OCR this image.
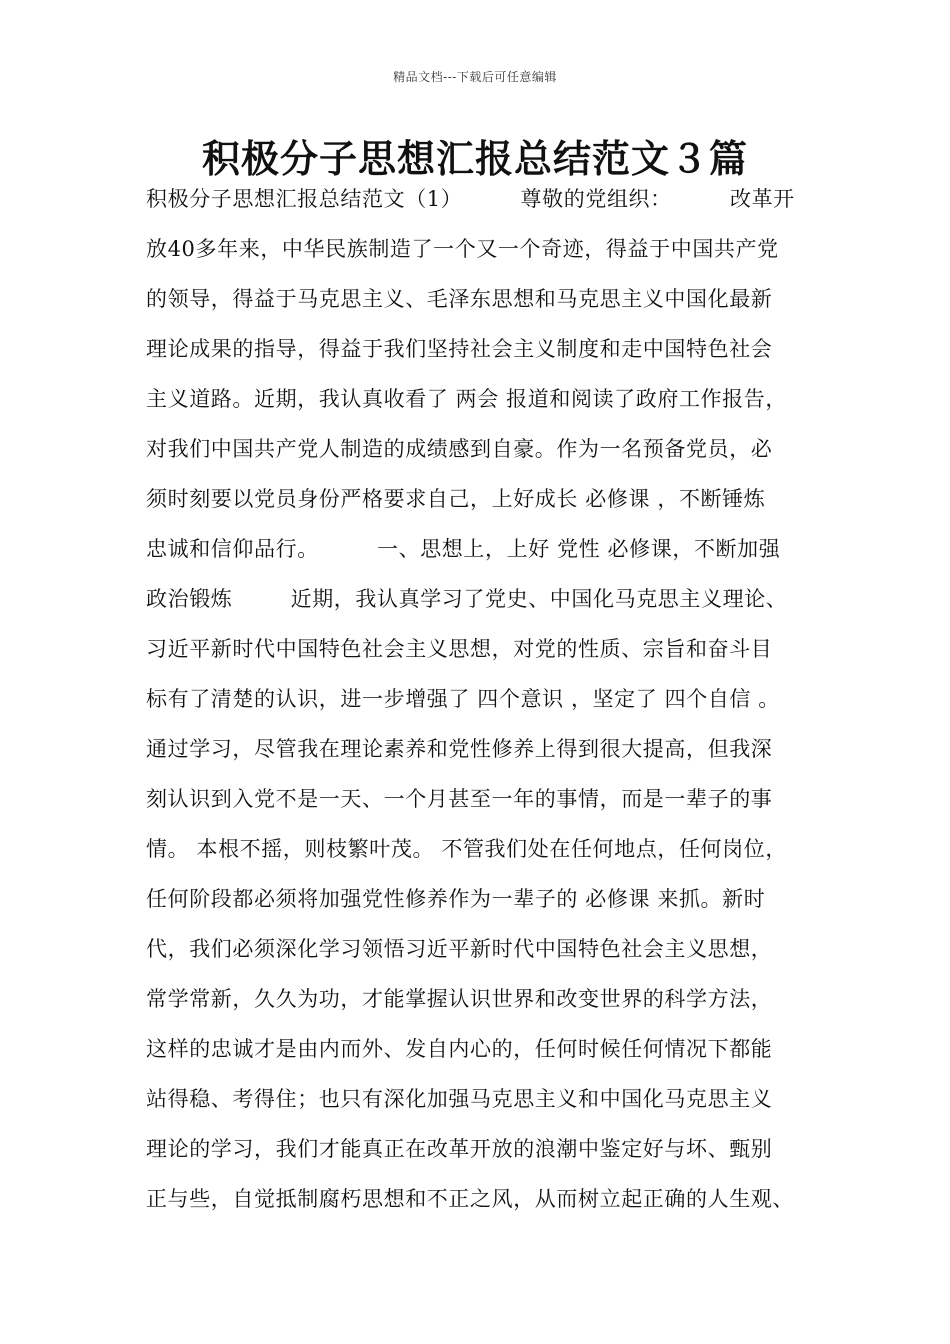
精品文档---下载后可任意编辑
积极分子思想汇报总结范文３篇
积极分子思想汇报总结范文（1）        尊敬的党组织：        改革开
放40多年来，中华民族制造了一个又一个奇迹，得益于中国共产党
的领导，得益于马克思主义、毛泽东思想和马克思主义中国化最新
理论成果的指导，得益于我们坚持社会主义制度和走中国特色社会
主义道路。近期，我认真收看了 两会 报道和阅读了政府工作报告，
对我们中国共产党人制造的成绩感到自豪。作为一名预备党员，必
须时刻要以党员身份严格要求自己，上好成长 必修课 ，不断锤炼
忠诚和信仰品行。        一、思想上，上好 党性 必修课，不断加强
政治锻炼        近期，我认真学习了党史、中国化马克思主义理论、
习近平新时代中国特色社会主义思想，对党的性质、宗旨和奋斗目
标有了清楚的认识，进一步增强了 四个意识 ，坚定了 四个自信 。
通过学习，尽管我在理论素养和党性修养上得到很大提高，但我深
刻认识到入党不是一天、一个月甚至一年的事情，而是一辈子的事
情。 本根不摇，则枝繁叶茂。 不管我们处在任何地点，任何岗位，
任何阶段都必须将加强党性修养作为一辈子的 必修课 来抓。新时
代，我们必须深化学习领悟习近平新时代中国特色社会主义思想，
常学常新，久久为功，才能掌握认识世界和改变世界的科学方法，
这样的忠诚才是由内而外、发自内心的，任何时候任何情况下都能
站得稳、考得住；也只有深化加强马克思主义和中国化马克思主义
理论的学习，我们才能真正在改革开放的浪潮中鉴定好与坏、甄别
正与些，自觉抵制腐朽思想和不正之风，从而树立起正确的人生观、
